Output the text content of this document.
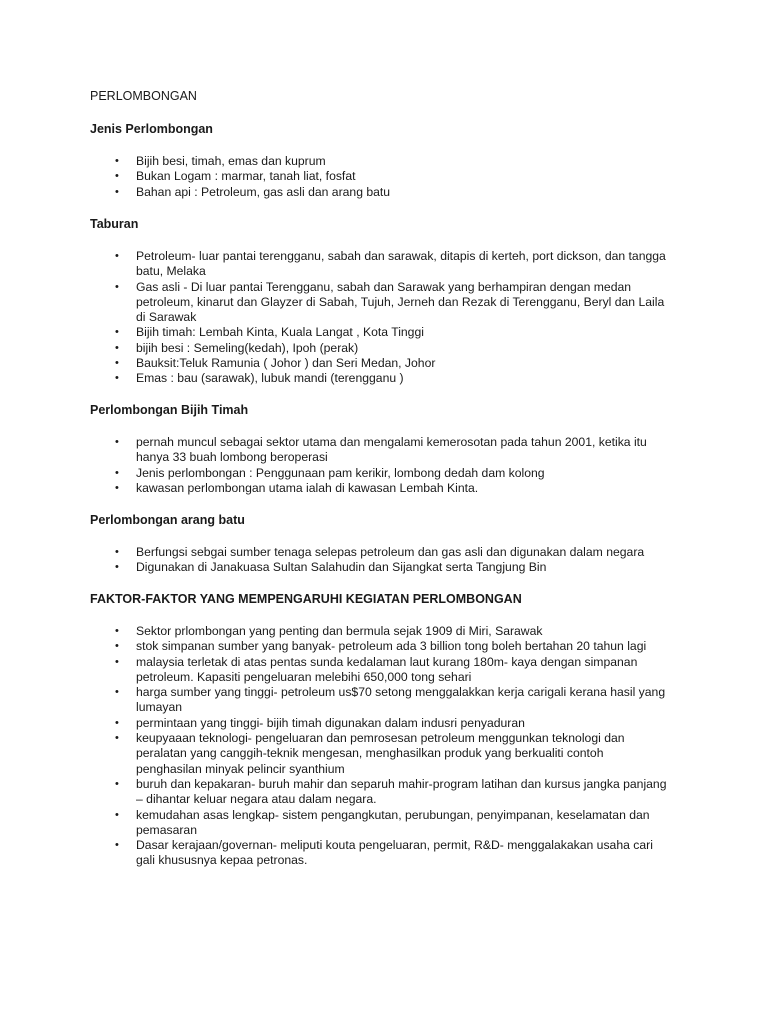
PERLOMBONGAN
Jenis Perlombongan
• Bijih besi, timah, emas dan kuprum
• Bukan Logam : marmar, tanah liat, fosfat
• Bahan api : Petroleum, gas asli dan arang batu
Taburan
• Petroleum- luar pantai terengganu, sabah dan sarawak, ditapis di kerteh, port dickson, dan tangga batu, Melaka
• Gas asli - Di luar pantai Terengganu, sabah dan Sarawak yang berhampiran dengan medan petroleum, kinarut dan Glayzer di Sabah, Tujuh, Jerneh dan Rezak di Terengganu, Beryl dan Laila di Sarawak
• Bijih timah: Lembah Kinta, Kuala Langat , Kota Tinggi
• bijih besi : Semeling(kedah), Ipoh (perak)
• Bauksit:Teluk Ramunia ( Johor ) dan Seri Medan, Johor
• Emas : bau (sarawak), lubuk mandi (terengganu )
Perlombongan Bijih Timah
• pernah muncul sebagai sektor utama dan mengalami kemerosotan pada tahun 2001, ketika itu hanya 33 buah lombong beroperasi
• Jenis perlombongan : Penggunaan pam kerikir, lombong dedah dam kolong
• kawasan perlombongan utama ialah di kawasan Lembah Kinta.
Perlombongan arang batu
• Berfungsi sebgai sumber tenaga selepas petroleum dan gas asli dan digunakan dalam negara
• Digunakan di Janakuasa Sultan Salahudin dan Sijangkat serta Tangjung Bin
FAKTOR-FAKTOR YANG MEMPENGARUHI KEGIATAN PERLOMBONGAN
• Sektor prlombongan yang penting dan bermula sejak 1909 di Miri, Sarawak
• stok simpanan sumber yang banyak- petroleum ada 3 billion tong boleh bertahan 20 tahun lagi
• malaysia terletak di atas pentas sunda kedalaman laut kurang 180m- kaya dengan simpanan petroleum. Kapasiti pengeluaran melebihi 650,000 tong sehari
• harga sumber yang tinggi- petroleum us$70 setong menggalakkan kerja carigali kerana hasil yang lumayan
• permintaan yang tinggi- bijih timah digunakan dalam indusri penyaduran
• keupyaaan teknologi- pengeluaran dan pemrosesan petroleum menggunkan teknologi dan peralatan yang canggih-teknik mengesan, menghasilkan produk yang berkualiti contoh penghasilan minyak pelincir syanthium
• buruh dan kepakaran- buruh mahir dan separuh mahir-program latihan dan kursus jangka panjang – dihantar keluar negara atau dalam negara.
• kemudahan asas lengkap- sistem pengangkutan, perubungan, penyimpanan, keselamatan dan pemasaran
• Dasar kerajaan/governan- meliputi kouta pengeluaran, permit, R&D- menggalakakan usaha cari gali khususnya kepaa petronas.
